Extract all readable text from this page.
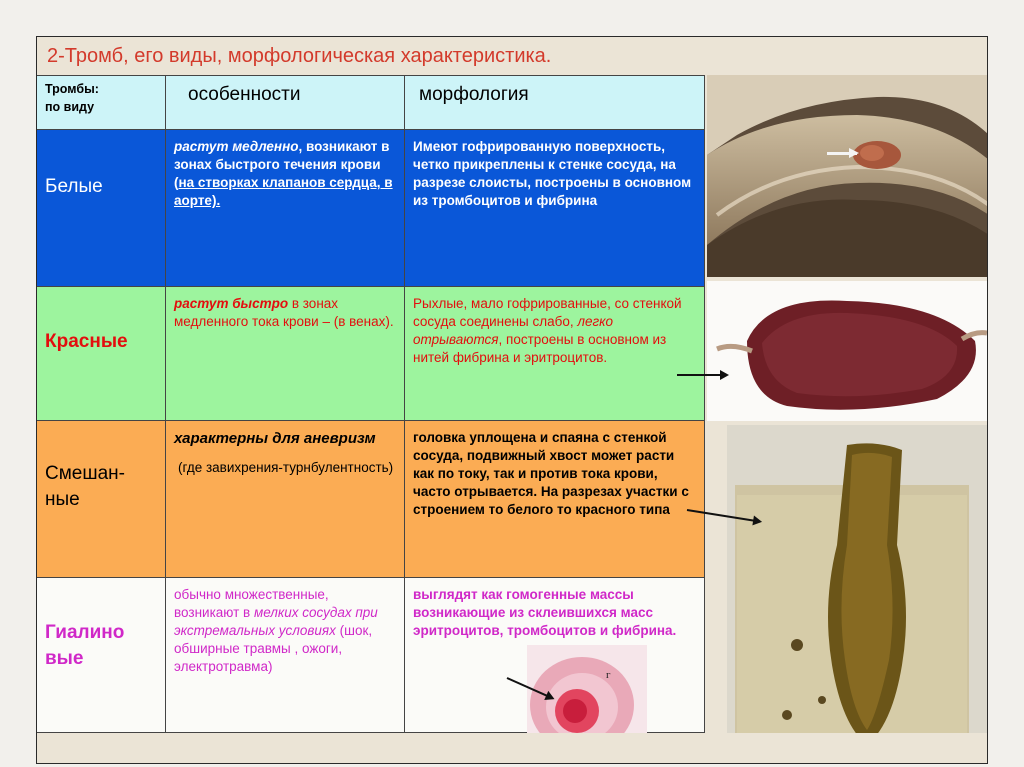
2-Тромб, его виды, морфологическая характеристика.
Тромбы:
по виду
особенности	морфология
Белые
растут медленно, возникают в зонах быстрого течения крови (на створках клапанов сердца, в аорте).
Имеют гофрированную поверхность, четко прикреплены к стенке сосуда, на разрезе слоисты, построены в основном из тромбоцитов и фибрина
Красные
растут быстро в зонах медленного тока крови – (в венах).
Рыхлые, мало гофрированные, со стенкой сосуда соединены слабо, легко отрываются, построены в основном из нитей фибрина и эритроцитов.
Смешан-
ные
характерны для аневризм
(где завихрения-турнбулентность)
головка уплощена и спаяна с стенкой сосуда, подвижный хвост может расти как по току, так и против тока крови, часто отрывается. На разрезах участки с строением то белого то красного типа
Гиалино
вые
обычно множественные, возникают в мелких сосудах при экстремальных условиях (шок, обширные травмы , ожоги, электротравма)
выглядят как гомогенные массы возникающие из склеившихся масс эритроцитов, тромбоцитов и фибрина.
г
